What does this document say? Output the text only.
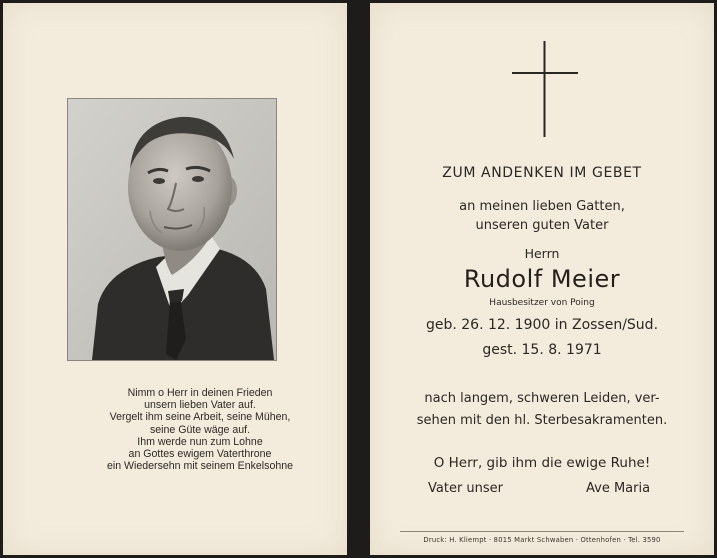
Nimm o Herr in deinen Frieden
unsern lieben Vater auf.
Vergelt ihm seine Arbeit, seine Mühen,
seine Güte wäge auf.
Ihm werde nun zum Lohne
an Gottes ewigem Vaterthrone
ein Wiedersehn mit seinem Enkelsohne
ZUM ANDENKEN IM GEBET
an meinen lieben Gatten,
unseren guten Vater
Herrn
Rudolf Meier
Hausbesitzer von Poing
geb. 26. 12. 1900 in Zossen/Sud.
gest. 15. 8. 1971
nach langem, schweren Leiden, ver-
sehen mit den hl. Sterbesakramenten.
O Herr, gib ihm die ewige Ruhe!
Vater unser	Ave Maria
Druck: H. Kliempt · 8015 Markt Schwaben · Ottenhofen · Tel. 3590
